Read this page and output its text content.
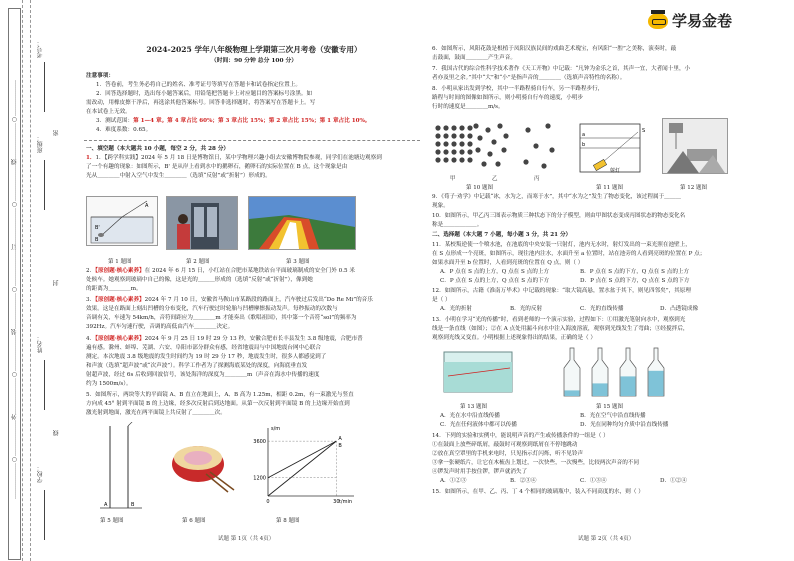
………………○………………外………………○………………装………………○………………订………………○………………线………………○………………
考号：
班级：
姓名：
学校：
密
封
线
学易金卷
2024-2025 学年八年级物理上学期第三次月考卷（安徽专用）
（时间：90 分钟 总分 100 分）
注意事项：
1．答卷前，考生务必将自己的姓名、准考证号等填写在答题卡和试卷指定位置上。
2．回答选择题时，选出每小题答案后，用铅笔把答题卡上对应题目的答案标号涂黑。如
需改动，用橡皮擦干净后，再选涂其他答案标号。回答非选择题时，将答案写在答题卡上。写
在本试卷上无效。
3．测试范围：第 1—4 章。第 4 章占比 60%；第 3 章占比 15%；第 2 章占比 15%；第 1 章占比 10%。
4．难度系数：0.65。
一、填空题（本大题共 10 小题，每空 2 分，共 28 分）
1．1．【跨学科实践】2024 年 5 月 18 日是博物馆日，某中学物理兴趣小组去安徽博物院参观，同学们在池塘边观察到
了一个有趣的现象：如图所示，B' 是从岸上看到水中的鹅卵石，鹅卵石的实际位置在 B 点，这个现象是由
光从＿＿＿＿中射入空气中发生＿＿＿＿（选填“反射”或“折射”）形成的。
A
B'
B
第 1 题图	第 2 题图	第 3 题图
2．【原创题·核心素养】在 2024 年 6 月 15 日，小红站在合肥市某地铁站台平面玻璃制成的安全门外 0.5 米
处候车。她观察到玻璃中自己的像，这是光的＿＿＿形成的（选填“反射”或“折射”），像到她
的距离为＿＿＿＿m。
3．【原创题·核心素养】2024 年 7 月 10 日，安徽省马鞍山市某路段的路面上，汽车驶过后发出“Do Re Mi”的音乐
效果。这是在路面上刻出凹槽的分布变化，汽车行驶过时轮胎与凹槽摩擦振动发声。每秒振动的次数与
音调有关，车速为 54km/h，音符间距应为＿＿＿＿m 才能奏出《歌唱祖国》，其中第一个音符“sol”的频率为
392Hz。汽车匀速行驶，音调的高低由汽车＿＿＿＿决定。
4．【原创题·核心素养】2024 年 9 月 25 日 19 时 29 分 13 秒，安徽合肥市长丰县发生 3.8 级地震，合肥市普
遍有感。滁州、蚌埠、芜湖、六安、阜阳市部分群众有感，经省地震局与中国地震台网中心联合
测定。本次地震 3.8 级地震的发生时间约为 19 时 29 分 17 秒，地震发生时，很多人都感觉到了
和声波（选填“超声波”或“次声波”）。科学工作者为了探测海底某处的深度，向海底垂直发
射超声波，经过 6s 后收到回波信号，该处海洋的深度为＿＿＿＿m（声音在海水中传播的速度
约为 1500m/s）。
5．如图所示，两块等大的平面镜 A、B 直立在地面上，A、B 高为 1.25m，相距 0.2m，有一束激光与竖直
方向成 45° 射到平面镜 B 的上边缘，经多次反射后到达地面。从第一次反射到平面镜 B 的上边缘开始直到
激光射到地面，激光在两平面镜上共反射了＿＿＿＿次。
A	B
1200
3600
0	30 t/min
s/m
A
B
第 5 题图	第 6 题图	第 8 题图
试题 第 1页（共 4页）
6．如图所示，风阳花鼓是根植于凤阳汉族民间的戏曲艺术瑰宝，有风阳“一腔”之美称，演奏时，敲
击鼓面，鼓面＿＿＿＿产生声音。
7．我国古代的综合性科学技术著作《天工开物》中记载：“凡钟为金乐之首，其声一宜，大者闻十里，小
者亦及里之余。”其中“大”和“小”是指声音的＿＿＿＿（选填声音特性的名称）。
8．小明从家出发到学校，其中一半路程骑自行车，另一半路程步行，
路程与时间的图像如图所示，则小明骑自行车的速度，小明步
行时的速度是＿＿＿＿m/s。
甲	乙	丙
a
b
S
射灯
第 10 题图	第 11 题图	第 12 题图
9．《荀子·劝学》中记载“冰，水为之，而寒于水”，其中“水为之”发生了物态变化，该过程属于＿＿＿
现象。
10．如图所示，甲乙丙三图表示物质三种状态下的分子模型，则由甲图状态变成丙图状态的物态变化名
称是＿＿＿＿＿＿。
二、选择题（本大题 7 小题，每小题 3 分，共 21 分）
11．某校叛逆使一个喷水池，在池底的中央安装一只射灯，池内无水时，射灯发出的一束光照在池壁上，
在 S 点形成一个亮斑，如图所示，现往池内注水，水面升至 a 位置时，站在池旁的人看到亮斑的位置在 P 点；
如果水面升至 b 位置时，人看到亮斑的位置在 Q 点，则（ ）
A．P 点在 S 点的上方，Q 点在 S 点的上方	B．P 点在 S 点的下方，Q 点在 S 点的上方
C．P 点在 S 点的上方，Q 点在 S 点的下方	D．P 点在 S 点的下方，Q 点在 S 点的下方
12．如图所示，古籍《淮南万毕术》中记载的现象：“取大镜高悬，置水盆于其下，则见四邻矣”，其原理
是（ ）
A．光的折射	B．光的反射	C．光的直线传播	D．凸透镜成像
13．小明在学习“光的传播”时，看到老师的一个演示实验，过程如下：①用激光笔射向水中，观察到光
线是一条直线（如图）；②在 A 点处用漏斗向水中注入海波溶液，观察到光线发生了弯曲；③经搅拌后，
观察到光线又变直。小明根据上述现象得出的结果，正确的是（ ）
第 13 题图	第 15 题图
A．光在水中沿直线传播	B．光在空气中沿直线传播
C．光在任何液体中都可以传播	D．光在同种均匀介质中沿直线传播
14．下列的实验和实例中，能说明声音的产生或传播条件的一组是（ ）
①在鼓面上放些碎纸屑，敲鼓时可观察到纸屑在不停地跳动
②放在真空罩里的手机来电时，只见指示灯闪烁，听不见铃声
③拿一张硬纸片，让它在木梳齿上划过，一次快些，一次慢些，比较两次声音的不同
④锣发声时用手按住锣，锣声就消失了
A．①②③	B．②③④	C．①③④	D．①②④
15．如图所示，在甲、乙、丙、丁 4 个相同的玻璃瓶中，装入不同高度的水，则（ ）
试题 第 2页（共 4页）
